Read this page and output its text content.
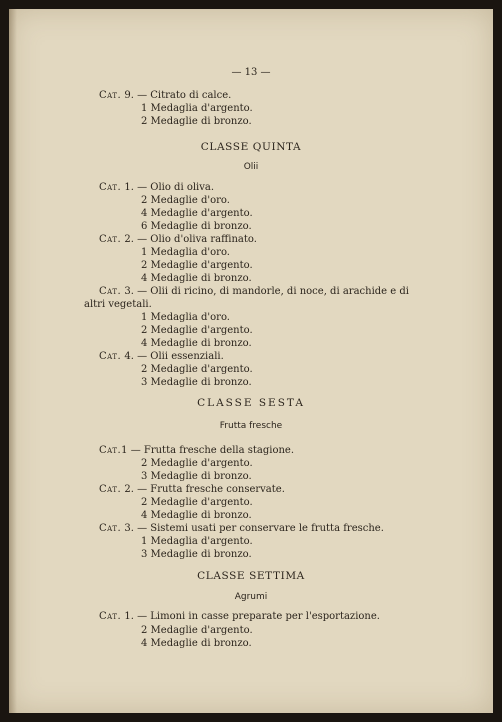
— 13 —
Cat. 9. — Citrato di calce.
1 Medaglia d'argento.
2 Medaglie di bronzo.
CLASSE QUINTA
Olii
Cat. 1. — Olio di oliva.
2 Medaglie d'oro.
4 Medaglie d'argento.
6 Medaglie di bronzo.
Cat. 2. — Olio d'oliva raffinato.
1 Medaglia d'oro.
2 Medaglie d'argento.
4 Medaglie di bronzo.
Cat. 3. — Olii di ricino, di mandorle, di noce, di arachide e di
altri vegetali.
1 Medaglia d'oro.
2 Medaglie d'argento.
4 Medaglie di bronzo.
Cat. 4. — Olii essenziali.
2 Medaglie d'argento.
3 Medaglie di bronzo.
CLASSE SESTA
Frutta fresche
Cat.1 — Frutta fresche della stagione.
2 Medaglie d'argento.
3 Medaglie di bronzo.
Cat. 2. — Frutta fresche conservate.
2 Medaglie d'argento.
4 Medaglie di bronzo.
Cat. 3. — Sistemi usati per conservare le frutta fresche.
1 Medaglia d'argento.
3 Medaglie di bronzo.
CLASSE SETTIMA
Agrumi
Cat. 1. — Limoni in casse preparate per l'esportazione.
2 Medaglie d'argento.
4 Medaglie di bronzo.
